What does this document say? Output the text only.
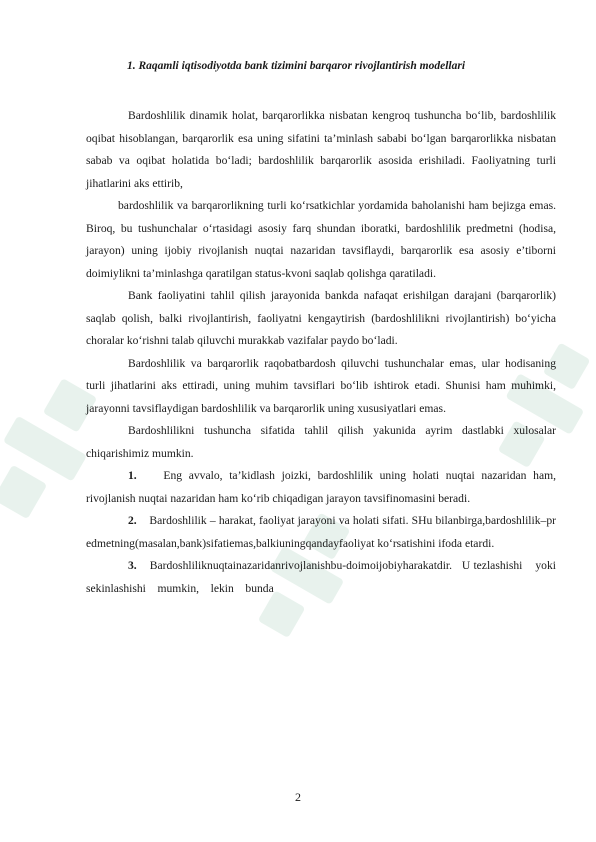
1. Raqamli iqtisodiyotda bank tizimini barqaror rivojlantirish modellari

Bardoshlilik dinamik holat, barqarorlikka nisbatan kengroq tushuncha bo‘lib, bardoshlilik oqibat hisoblangan, barqarorlik esa uning sifatini ta’minlash sababi bo‘lgan barqarorlikka nisbatan sabab va oqibat holatida bo‘ladi; bardoshlilik barqarorlik asosida erishiladi. Faoliyatning turli jihatlarini aks ettirib,

bardoshlilik va barqarorlikning turli ko‘rsatkichlar yordamida baholanishi ham bejizga emas. Biroq, bu tushunchalar o‘rtasidagi asosiy farq shundan iboratki, bardoshlilik predmetni (hodisa, jarayon) uning ijobiy rivojlanish nuqtai nazaridan tavsiflaydi, barqarorlik esa asosiy e’tiborni doimiylikni ta’minlashga qaratilgan status-kvoni saqlab qolishga qaratiladi.

Bank faoliyatini tahlil qilish jarayonida bankda nafaqat erishilgan darajani (barqarorlik) saqlab qolish, balki rivojlantirish, faoliyatni kengaytirish (bardoshlilikni rivojlantirish) bo‘yicha choralar ko‘rishni talab qiluvchi murakkab vazifalar paydo bo‘ladi.

Bardoshlilik va barqarorlik raqobatbardosh qiluvchi tushunchalar emas, ular hodisaning turli jihatlarini aks ettiradi, uning muhim tavsiflari bo‘lib ishtirok etadi. Shunisi ham muhimki, jarayonni tavsiflaydigan bardoshlilik va barqarorlik uning xususiyatlari emas.

Bardoshlilikni tushuncha sifatida tahlil qilish yakunida ayrim dastlabki xulosalar chiqarishimiz mumkin.

1. Eng avvalo, ta’kidlash joizki, bardoshlilik uning holati nuqtai nazaridan ham, rivojlanish nuqtai nazaridan ham ko‘rib chiqadigan jarayon tavsifinomasini beradi.

2. Bardoshlilik – harakat, faoliyat jarayoni va holati sifati. SHu bilanbirga,bardoshlilik–predmetning(masalan,bank)sifatiemas,balkiuningqandayfaoliyat ko‘rsatishini ifoda etardi.

3. Bardoshliliknuqtainazaridanrivojlanishbu-doimoijobiyharakatdir.   U tezlashishi    yoki    sekinlashishi    mumkin,    lekin    bunda

2
